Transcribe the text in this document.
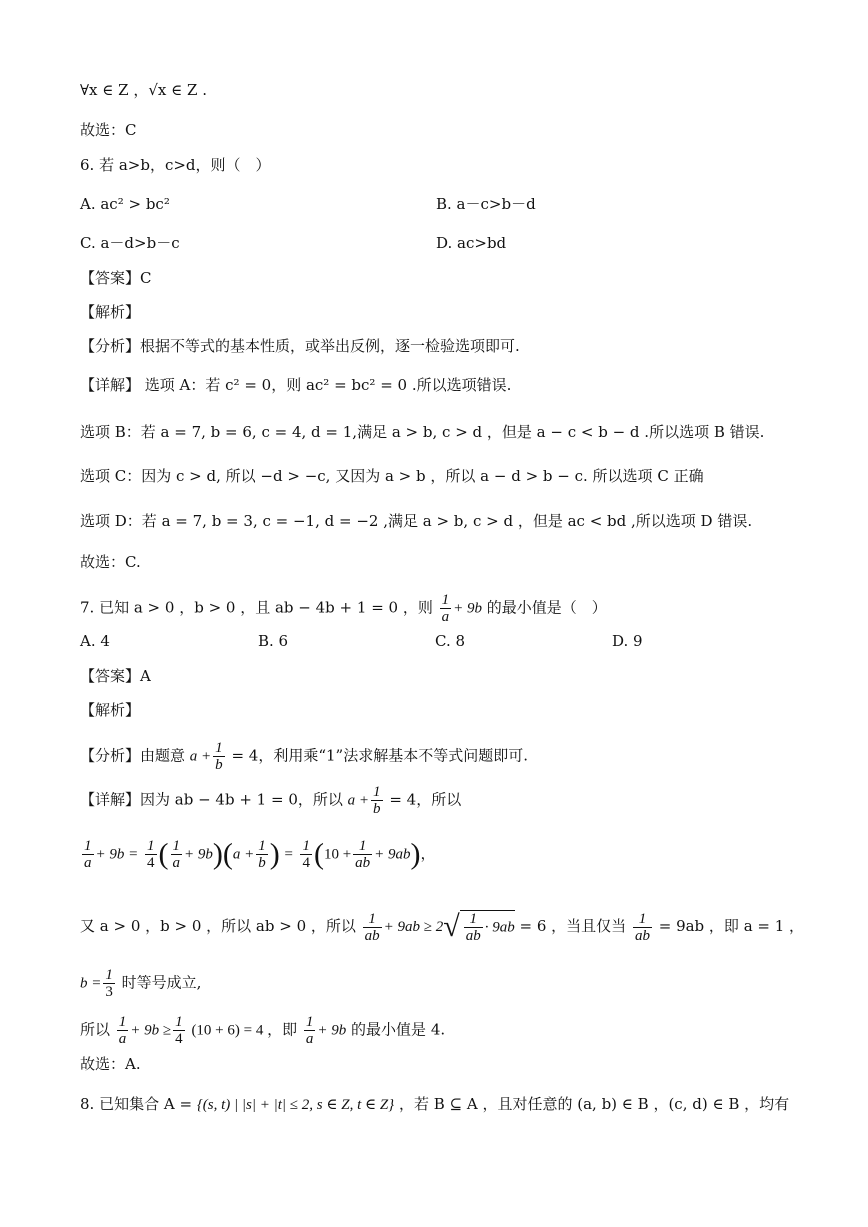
∀x ∈ Z ，√x ∈ Z .
故选：C
6. 若 a>b，c>d，则（　）
A. ac² > bc²	B. a－c>b－d
C. a－d>b－c	D. ac>bd
【答案】C
【解析】
【分析】根据不等式的基本性质，或举出反例，逐一检验选项即可.
【详解】 选项 A：若 c² = 0，则 ac² = bc² = 0 .所以选项错误.
选项 B：若 a = 7, b = 6, c = 4, d = 1,满足 a > b, c > d ，但是 a − c < b − d .所以选项 B 错误.
选项 C：因为 c > d, 所以 −d > −c, 又因为 a > b ，所以 a − d > b − c. 所以选项 C 正确
选项 D：若 a = 7, b = 3, c = −1, d = −2 ,满足 a > b, c > d ，但是 ac < bd ,所以选项 D 错误.
故选：C.
7. 已知 a > 0 ，b > 0 ，且 ab − 4b + 1 = 0 ，则 $\frac{1}{a} + 9b$ 的最小值是（　）
A. 4	B. 6	C. 8	D. 9
【答案】A
【解析】
【分析】由题意 $a + \frac{1}{b} = 4$，利用乘“1”法求解基本不等式问题即可.
【详解】因为 ab − 4b + 1 = 0，所以 $a + \frac{1}{b} = 4$，所以
$\frac{1}{a} + 9b = \frac{1}{4}$ ( $\frac{1}{a} + 9b)(a + \frac{1}{b}$ ) = $\frac{1}{4} (10 + \frac{1}{ab} + 9ab)$，
又 a > 0 ，b > 0 ，所以 ab > 0 ，所以 $\frac{1}{ab} + 9ab \ge 2√ \frac{1}{ab} \cdot 9ab = 6$ ，当且仅当 $\frac{1}{ab} = 9ab$ ，即 a = 1 ，
$b = \frac{1}{3}$ 时等号成立,
所以 $\frac{1}{a} + 9b \ge \frac{1}{4} (10 + 6) = 4$ ，即 $\frac{1}{a} + 9b$ 的最小值是 4.
故选：A.
8. 已知集合 A = {(s, t) | |s| + |t| ≤ 2, s ∈ Z, t ∈ Z} ，若 B ⊆ A ，且对任意的 (a, b) ∈ B ，(c, d) ∈ B ，均有
